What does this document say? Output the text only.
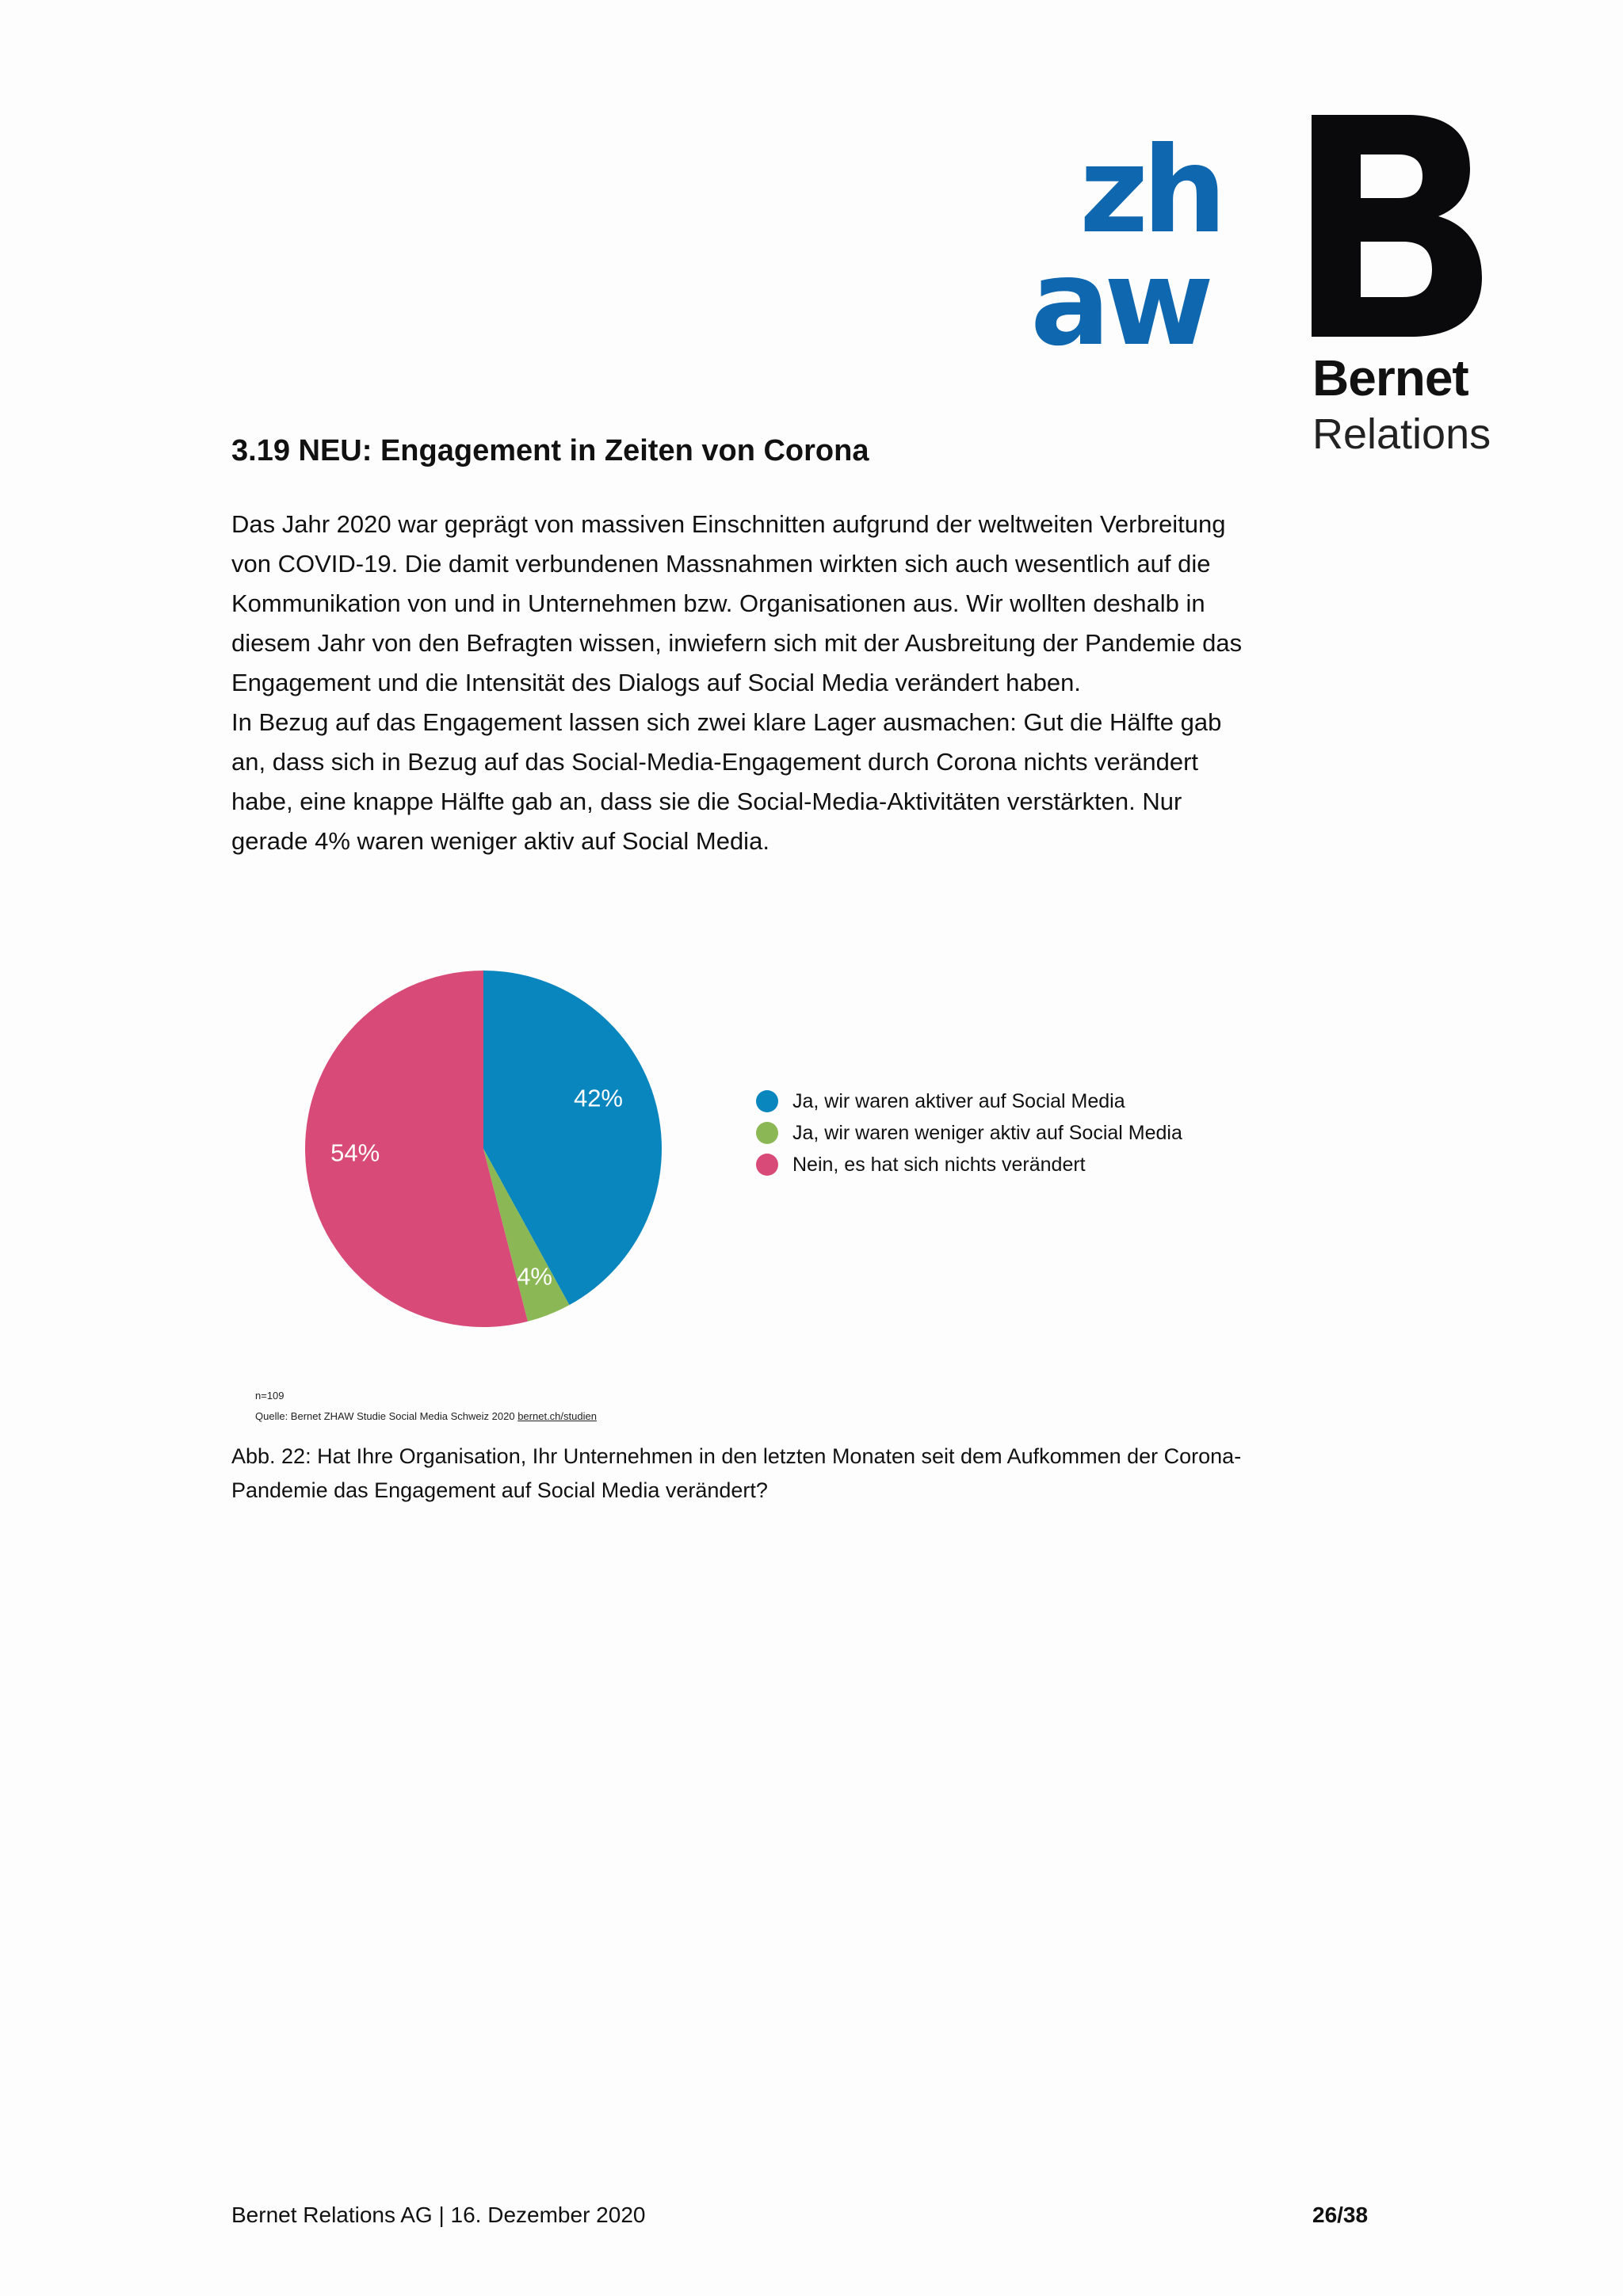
zh
aw
Bernet
Relations
3.19 NEU: Engagement in Zeiten von Corona

Das Jahr 2020 war geprägt von massiven Einschnitten aufgrund der weltweiten Verbreitung von COVID-19. Die damit verbundenen Massnahmen wirkten sich auch wesentlich auf die Kommunikation von und in Unternehmen bzw. Organisationen aus. Wir wollten deshalb in diesem Jahr von den Befragten wissen, inwiefern sich mit der Ausbreitung der Pandemie das Engagement und die Intensität des Dialogs auf Social Media verändert haben.

In Bezug auf das Engagement lassen sich zwei klare Lager ausmachen: Gut die Hälfte gab an, dass sich in Bezug auf das Social-Media-Engagement durch Corona nichts verändert habe, eine knappe Hälfte gab an, dass sie die Social-Media-Aktivitäten verstärkten. Nur gerade 4% waren weniger aktiv auf Social Media.

42%
4%
54%
Ja, wir waren aktiver auf Social Media
Ja, wir waren weniger aktiv auf Social Media
Nein, es hat sich nichts verändert
n=109
Quelle: Bernet ZHAW Studie Social Media Schweiz 2020 bernet.ch/studien
Abb. 22: Hat Ihre Organisation, Ihr Unternehmen in den letzten Monaten seit dem Aufkommen der Corona-Pandemie das Engagement auf Social Media verändert?
Bernet Relations AG | 16. Dezember 2020	26/38
